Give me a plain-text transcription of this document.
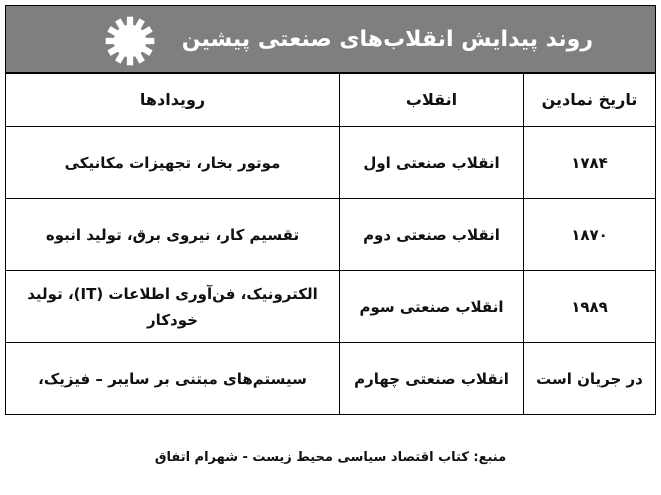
روند پیدایش انقلاب‌های صنعتی پیشین
تاریخ نمادین	انقلاب	رویدادها
۱۷۸۴	انقلاب صنعتی اول	موتور بخار، تجهیزات مکانیکی
۱۸۷۰	انقلاب صنعتی دوم	تقسیم کار، نیروی برق، تولید انبوه
۱۹۸۹	انقلاب صنعتی سوم	الکترونیک، فن‌آوری اطلاعات (IT)، تولید خودکار
در جریان است	انقلاب صنعتی چهارم	سیستم‌های مبتنی بر سایبر – فیزیک،
منبع: کتاب اقتصاد سیاسی محیط زیست - شهرام اتفاق
